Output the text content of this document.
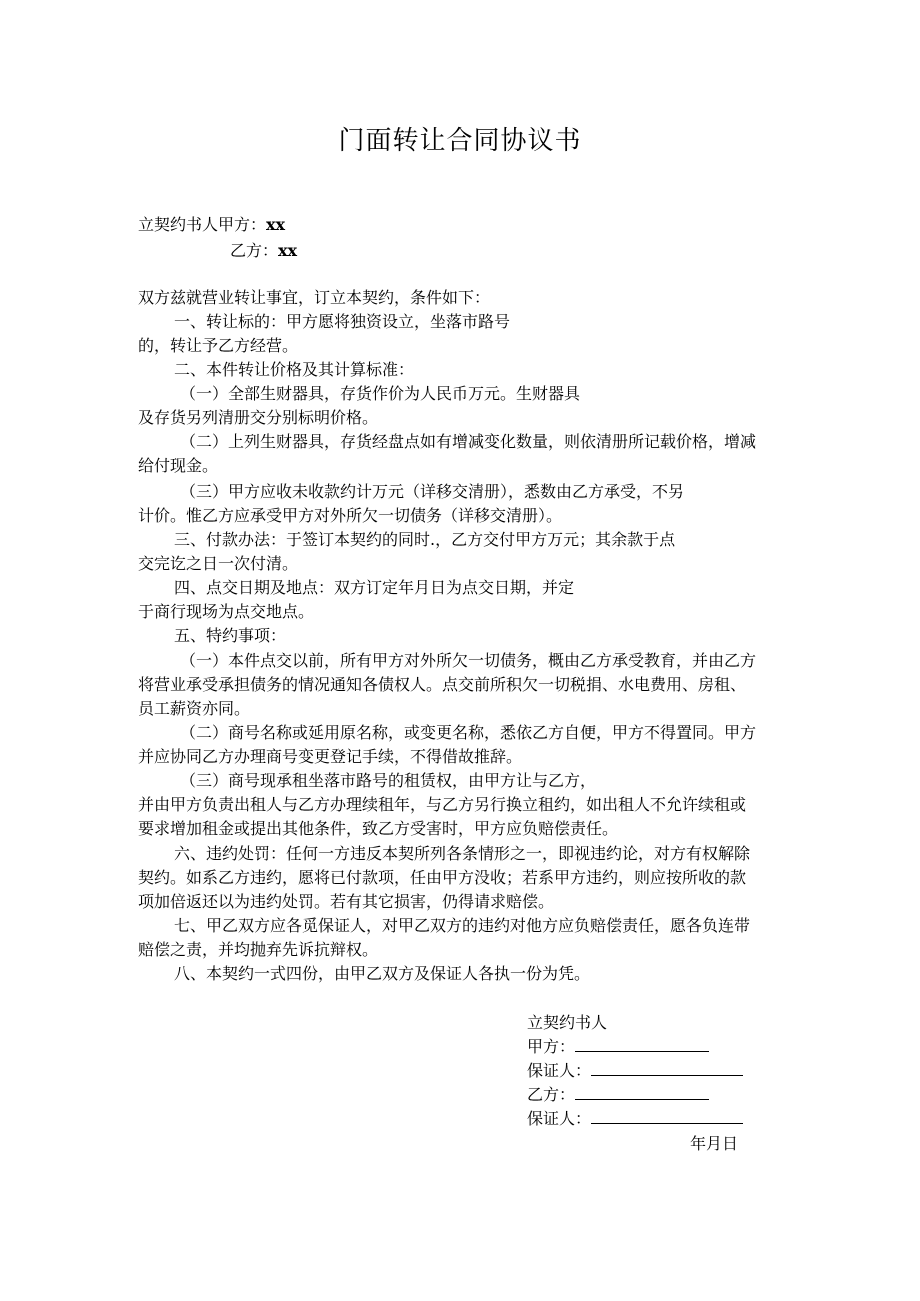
门面转让合同协议书
立契约书人甲方：xx
乙方：xx
双方兹就营业转让事宜，订立本契约，条件如下：
一、转让标的：甲方愿将独资设立，坐落市路号
的，转让予乙方经营。
二、本件转让价格及其计算标准：
（一）全部生财器具，存货作价为人民币万元。生财器具
及存货另列清册交分别标明价格。
（二）上列生财器具，存货经盘点如有增减变化数量，则依清册所记载价格，增减
给付现金。
（三）甲方应收未收款约计万元（详移交清册），悉数由乙方承受，不另
计价。惟乙方应承受甲方对外所欠一切债务（详移交清册）。
三、付款办法：于签订本契约的同时.，乙方交付甲方万元；其余款于点
交完讫之日一次付清。
四、点交日期及地点：双方订定年月日为点交日期，并定
于商行现场为点交地点。
五、特约事项：
（一）本件点交以前，所有甲方对外所欠一切债务，概由乙方承受教育，并由乙方
将营业承受承担债务的情况通知各债权人。点交前所积欠一切税捐、水电费用、房租、
员工薪资亦同。
（二）商号名称或延用原名称，或变更名称，悉依乙方自便，甲方不得置同。甲方
并应协同乙方办理商号变更登记手续，不得借故推辞。
（三）商号现承租坐落市路号的租赁权，由甲方让与乙方，
并由甲方负责出租人与乙方办理续租年，与乙方另行换立租约，如出租人不允许续租或
要求增加租金或提出其他条件，致乙方受害时，甲方应负赔偿责任。
六、违约处罚：任何一方违反本契所列各条情形之一，即视违约论，对方有权解除
契约。如系乙方违约，愿将已付款项，任由甲方没收；若系甲方违约，则应按所收的款
项加倍返还以为违约处罚。若有其它损害，仍得请求赔偿。
七、甲乙双方应各觅保证人，对甲乙双方的违约对他方应负赔偿责任，愿各负连带
赔偿之责，并均抛弃先诉抗辩权。
八、本契约一式四份，由甲乙双方及保证人各执一份为凭。
立契约书人
甲方：
保证人：
乙方：
保证人：
年月日
